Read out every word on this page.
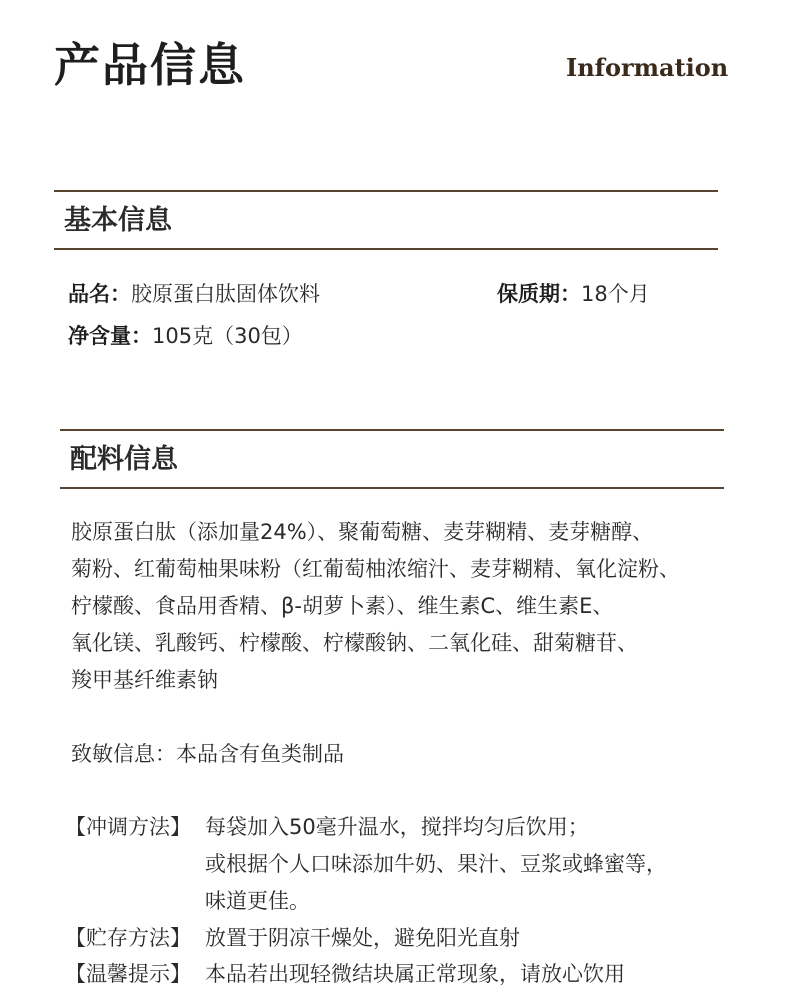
产品信息	Information
基本信息
品名：胶原蛋白肽固体饮料	保质期：18个月
净含量：105克（30包）
配料信息
胶原蛋白肽（添加量24%）、聚葡萄糖、麦芽糊精、麦芽糖醇、
菊粉、红葡萄柚果味粉（红葡萄柚浓缩汁、麦芽糊精、氧化淀粉、
柠檬酸、食品用香精、β-胡萝卜素）、维生素C、维生素E、
氧化镁、乳酸钙、柠檬酸、柠檬酸钠、二氧化硅、甜菊糖苷、
羧甲基纤维素钠
致敏信息：本品含有鱼类制品
【冲调方法】 每袋加入50毫升温水，搅拌均匀后饮用；
或根据个人口味添加牛奶、果汁、豆浆或蜂蜜等，
味道更佳。
【贮存方法】 放置于阴凉干燥处，避免阳光直射
【温馨提示】 本品若出现轻微结块属正常现象，请放心饮用
